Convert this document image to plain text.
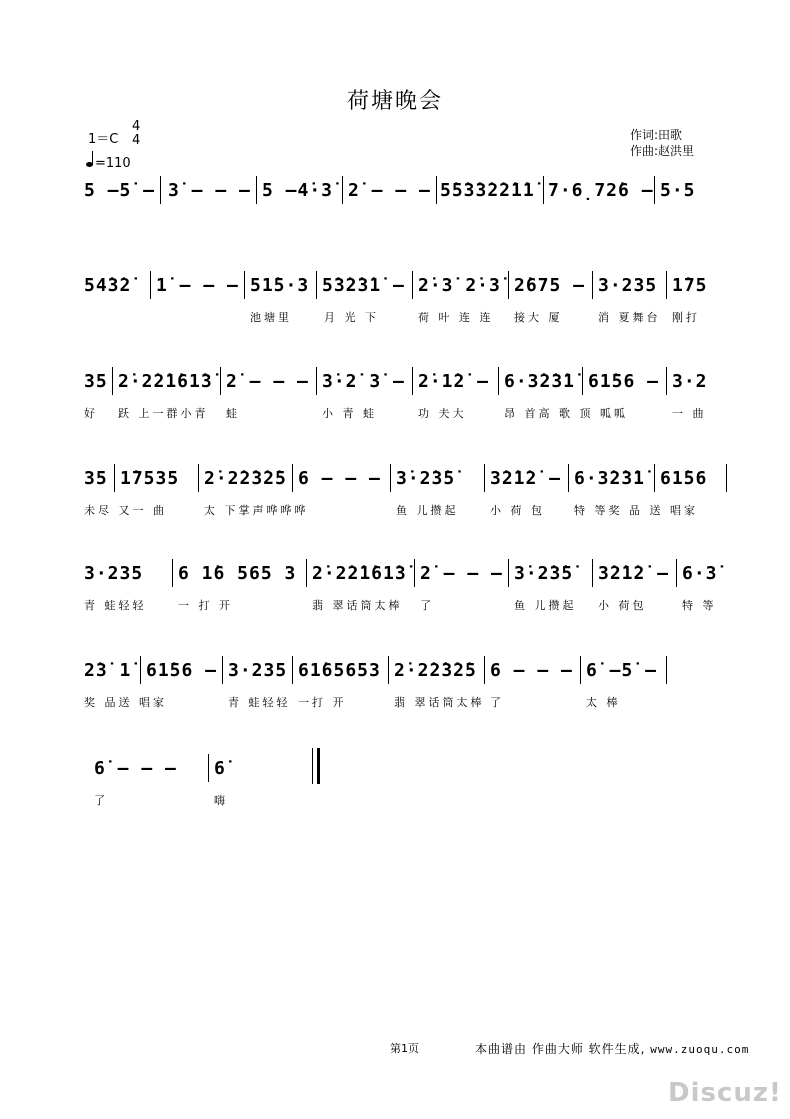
荷塘晚会
1＝C
4
4
=110
作词:田歌
作曲:赵洪里
5 –5̇ – 3̇ – – – 5 –4̇·3̇ 2̇ – – – 5̇5̇3̇3̇2̇2̇1̇1̇ 7·6̣72̇6 – 5·5
54̇3̇2̇ 1̇ – – – 51̇5·3 5̇3̇2̇3̇1̇ – 2̇·3̇ 2̇·3̇ 2̇675 – 3·235 1̇75
池塘里	月 光 下	荷 叶 连 连 接大 厦	消 夏舞台 刚打
35 2̇·2̇2̇1̇61̇3̇ 2̇ – – – 3̇·2̇ 3̇ – 2̇·1̇2̇ – 6·3̇2̇3̇1̇ 61̇56 – 3·2
好 跃 上一群小青 蛙	小 青 蛙	功 夫大	昂 首高 歌 顶 呱呱	一 曲
35 1̇7535 2̇·2̇2̇3̇2̇5 6 – – – 3̇·2̇3̇5̇ 3̇2̇1̇2̇ – 6·3̇2̇3̇1̇ 61̇56
未尽 又一 曲	太 下掌声哗哗哗	鱼 儿攒起	小 荷 包	特 等奖 品 送 唱家
3·235 6 1̇6 565 3 2̇·2̇2̇1̇61̇3̇ 2̇ – – – 3̇·2̇3̇5̇ 3̇2̇1̇2̇ – 6·3̇
青 蛙轻轻	一 打 开	翡 翠话筒太棒 了	鱼 儿攒起 小 荷包	特 等
2̇3̇ 1̇ 61̇56 – 3·235 61̇65653 2̇·2̇2̇3̇2̇5 6 – – – 6̇ –5̇ –
奖 品送 唱家	青 蛙轻轻 一打 开	翡 翠话筒太棒 了	太 棒
6̇ – – – 6̇
了	嗨
第1页	本曲谱由 作曲大师 软件生成, www.zuoqu.com
Discuz!
